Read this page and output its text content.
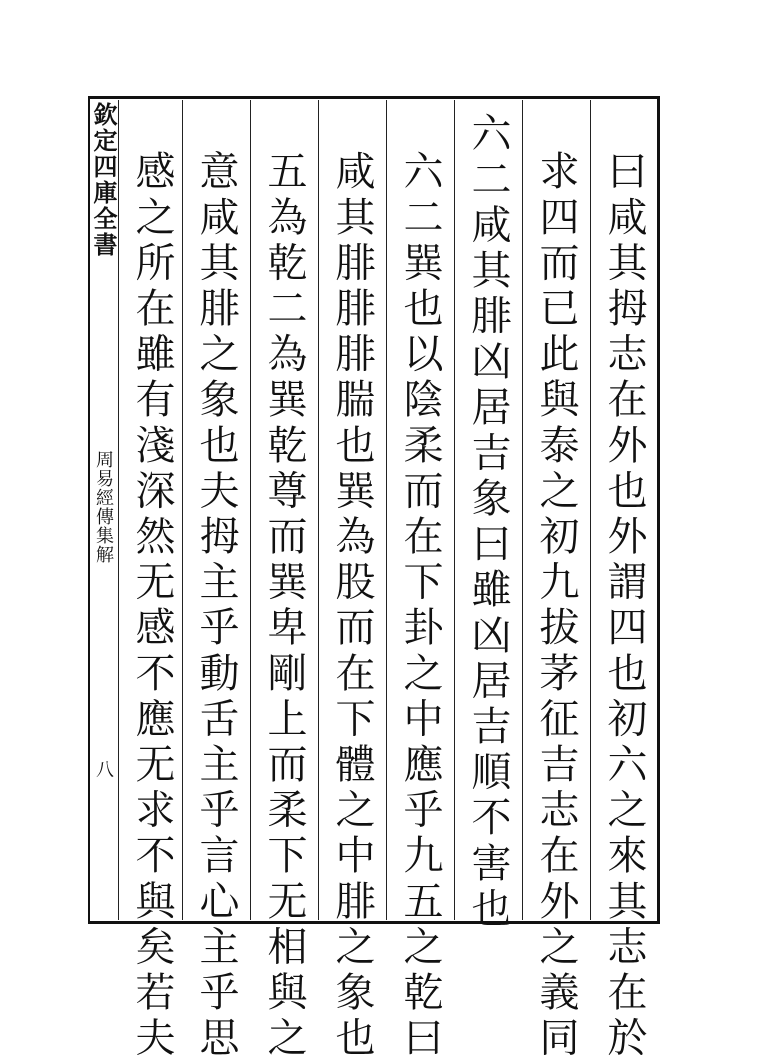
欽定四庫全書
周易經傳集解
八	曰咸其拇志在外也外謂四也初六之來其志在於
求四而已此與泰之初九拔茅征吉志在外之義同
六二咸其腓凶居吉象曰雖凶居吉順不害也
六二巽也以陰柔而在下卦之中應乎九五之乾曰
咸其腓腓腓腨也巽為股而在下體之中腓之象也
五為乾二為巽乾尊而巽卑剛上而柔下无相與之
意咸其腓之象也夫拇主乎動舌主乎言心主乎思
感之所在雖有淺深然无感不應无求不與矣若夫
